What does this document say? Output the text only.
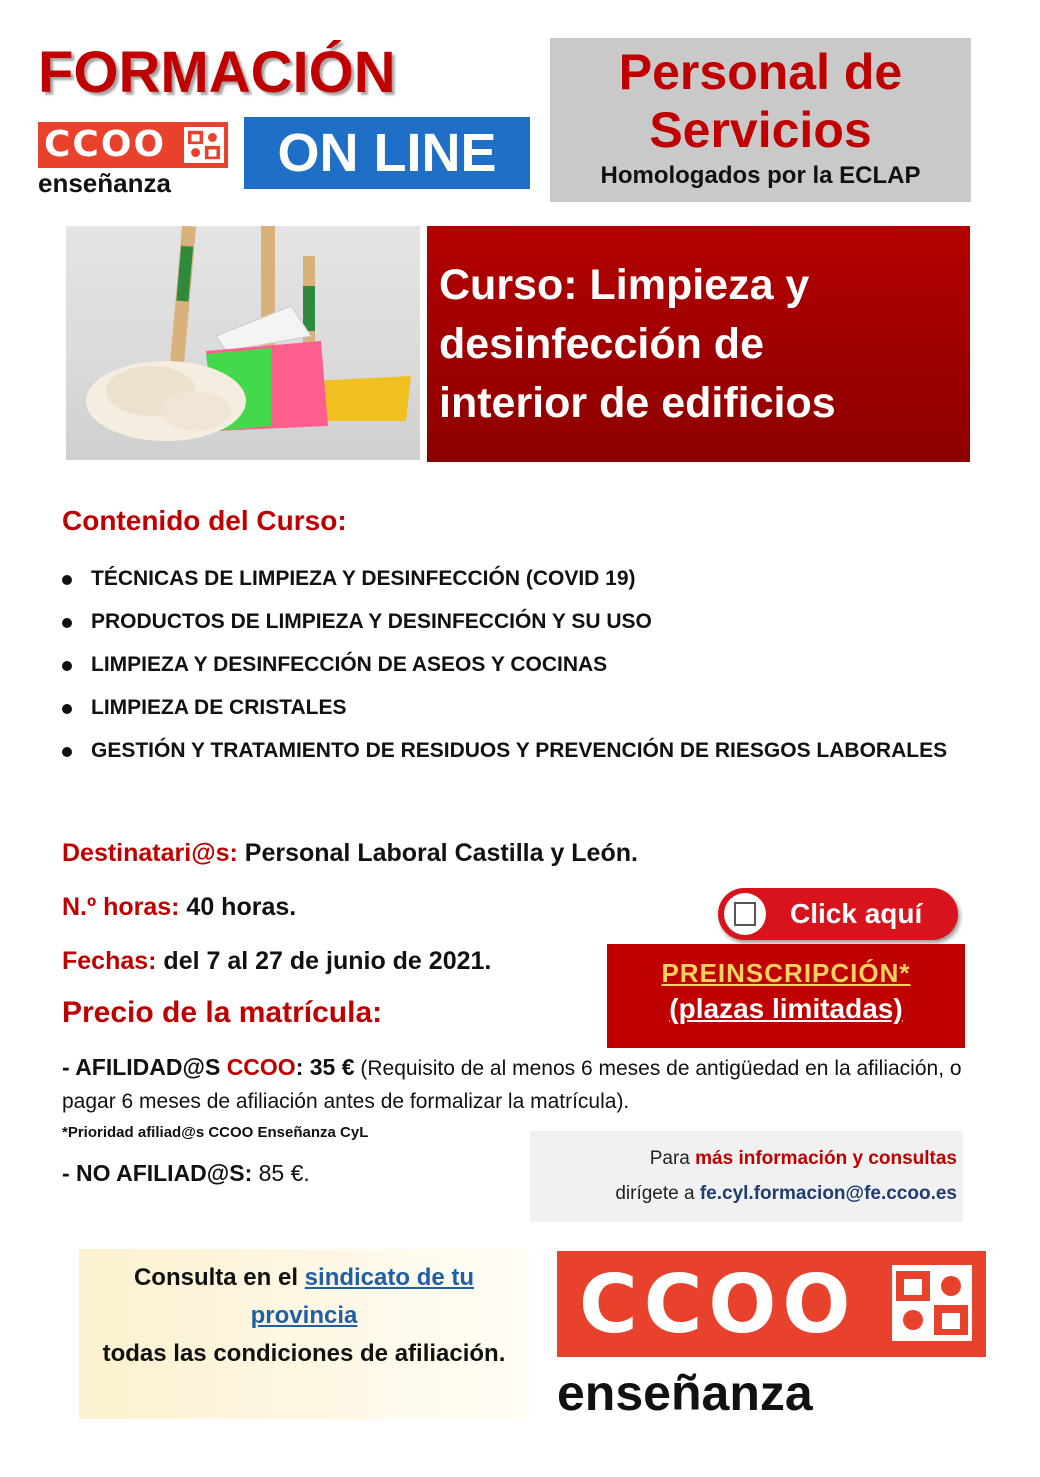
FORMACIÓN
CCOO
enseñanza	ON LINE
Personal de
Servicios
Homologados por la ECLAP
Curso: Limpieza y
desinfección de
interior de edificios
Contenido del Curso:
TÉCNICAS DE LIMPIEZA Y DESINFECCIÓN (COVID 19)
PRODUCTOS DE LIMPIEZA Y DESINFECCIÓN Y SU USO
LIMPIEZA Y DESINFECCIÓN DE ASEOS Y COCINAS
LIMPIEZA DE CRISTALES
GESTIÓN Y TRATAMIENTO DE RESIDUOS Y PREVENCIÓN DE RIESGOS LABORALES
Destinatari@s: Personal Laboral Castilla y León.
N.º horas: 40 horas.
Fechas: del 7 al 27 de junio de 2021.
Precio de la matrícula:
- AFILIDAD@S CCOO: 35 € (Requisito de al menos 6 meses de antigüedad en la afiliación, o pagar 6 meses de afiliación antes de formalizar la matrícula).
*Prioridad afiliad@s CCOO Enseñanza CyL
- NO AFILIAD@S: 85 €.
Click aquí
PREINSCRIPCIÓN*
(plazas limitadas)
Para más información y consultas
dirígete a fe.cyl.formacion@fe.ccoo.es
Consulta en el sindicato de tu provincia
todas las condiciones de afiliación.
CCOO
enseñanza
